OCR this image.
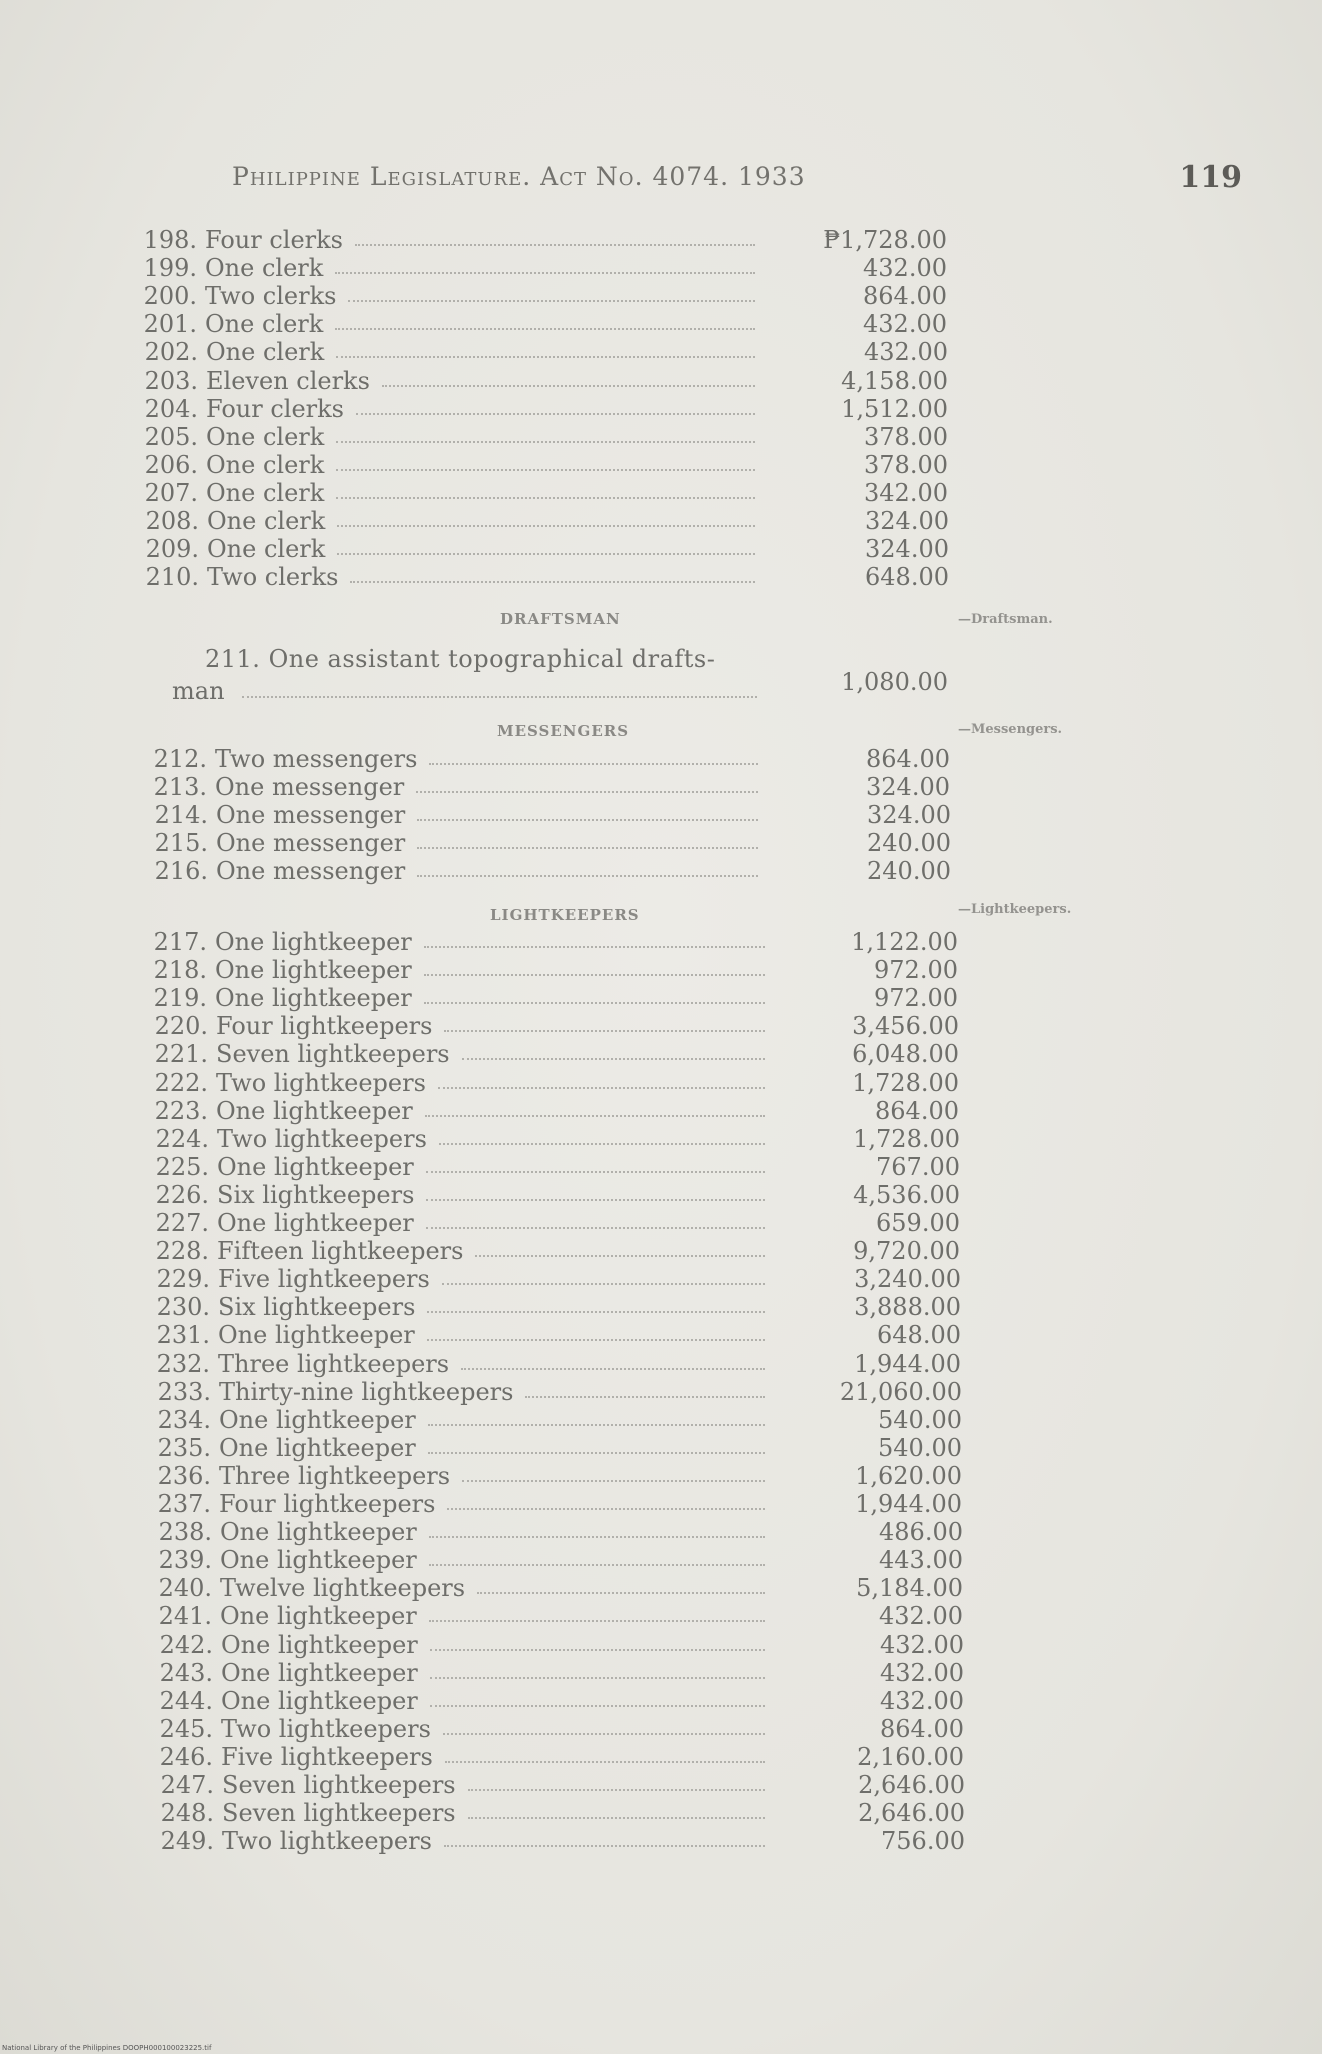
Philippine Legislature. Act No. 4074. 1933	119
198. Four clerks	₱1,728.00
199. One clerk	432.00
200. Two clerks	864.00
201. One clerk	432.00
202. One clerk	432.00
203. Eleven clerks	4,158.00
204. Four clerks	1,512.00
205. One clerk	378.00
206. One clerk	378.00
207. One clerk	342.00
208. One clerk	324.00
209. One clerk	324.00
210. Two clerks	648.00
DRAFTSMAN	—Draftsman.
211. One assistant topographical drafts-
man	1,080.00
MESSENGERS	—Messengers.
212. Two messengers	864.00
213. One messenger	324.00
214. One messenger	324.00
215. One messenger	240.00
216. One messenger	240.00
LIGHTKEEPERS	—Lightkeepers.
217. One lightkeeper	1,122.00
218. One lightkeeper	972.00
219. One lightkeeper	972.00
220. Four lightkeepers	3,456.00
221. Seven lightkeepers	6,048.00
222. Two lightkeepers	1,728.00
223. One lightkeeper	864.00
224. Two lightkeepers	1,728.00
225. One lightkeeper	767.00
226. Six lightkeepers	4,536.00
227. One lightkeeper	659.00
228. Fifteen lightkeepers	9,720.00
229. Five lightkeepers	3,240.00
230. Six lightkeepers	3,888.00
231. One lightkeeper	648.00
232. Three lightkeepers	1,944.00
233. Thirty-nine lightkeepers	21,060.00
234. One lightkeeper	540.00
235. One lightkeeper	540.00
236. Three lightkeepers	1,620.00
237. Four lightkeepers	1,944.00
238. One lightkeeper	486.00
239. One lightkeeper	443.00
240. Twelve lightkeepers	5,184.00
241. One lightkeeper	432.00
242. One lightkeeper	432.00
243. One lightkeeper	432.00
244. One lightkeeper	432.00
245. Two lightkeepers	864.00
246. Five lightkeepers	2,160.00
247. Seven lightkeepers	2,646.00
248. Seven lightkeepers	2,646.00
249. Two lightkeepers	756.00
National Library of the Philippines DOOPH000100023225.tif
